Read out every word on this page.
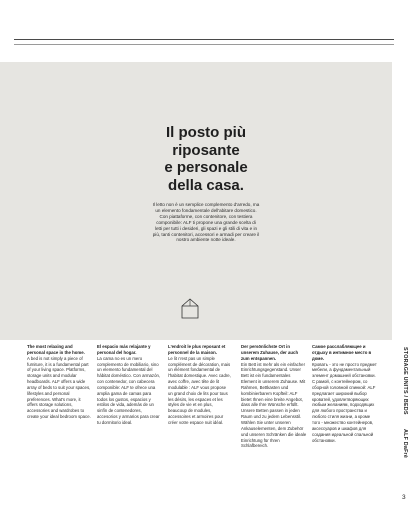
Il posto più
riposante
e personale
della casa.
Il letto non è un semplice complemento d'arredo, ma un elemento fondamentale dell'abitare domestico. Con piattaforme, con contenitore, con testiera componibile: ALF ti propone una grande scelta di letti per tutti i desideri, gli spazi e gli stili di vita e in più, tanti contenitori, accessori e armadi per creare il nostro ambiente notte ideale.

The most relaxing and personal space in the home.

A bed is not simply a piece of furniture, it is a fundamental part of your living space. Platforms, storage units and modular headboards. ALF offers a wide array of beds to suit your spaces, lifestyles and personal preferences. What's more, it offers storage solutions, accessories and wardrobes to create your ideal bedroom space.

El espacio más relajante y personal del hogar.

La cama no es un mero complemento de mobiliario, sino un elemento fundamental del hábitat doméstico. Con armazón, con contenedor, con cabecera componible: ALF te ofrece una amplia gama de camas para todos los gustos, espacios y estilos de vida, además de un sinfín de contenedores, accesorios y armarios para crear tu dormitorio ideal.

L'endroit le plus reposant et personnel de la maison.

Le lit n'est pas un simple complément de décoration, mais un élément fondamental de l'habitat domestique. Avec cadre, avec coffre, avec tête de lit modulable : ALF vous propose un grand choix de lits pour tous les désirs, les espaces et les styles de vie et en plus, beaucoup de modules, accessoires et armoires pour créer votre espace nuit idéal.

Der persönlichste Ort in unserem Zuhause, der auch zum entspannen.

Ein Bett ist mehr als ein einfacher Einrichtungsgegenstand. Unser Bett ist ein fundamentales Element in unserem Zuhause. Mit Rahmen, Bettkasten und kombinierbarem Kopfteil: ALF bietet Ihnen eine breite Angebot, dass alle Ihre Wünsche erfüllt. Unsere Betten passen in jeden Raum und zu jedem Lebensstil. Wählen Sie unter unseren Ankauselementen, dem Zubehör und unseren Schränken die ideale Einrichtung für Ihren Schlafbereich.

Самое расслабляющее и отдыху в интимное место в доме.

Кровать - это не просто предмет мебели, а фундаментальный элемент домашней обстановки. С рамой, с контейнером, со сборной головной спинкой: ALF предлагает широкий выбор кроватей, удовлетворяющих любым желаниям, подходящих для любого пространства и любого стиля жизни, а кроме того - множество контейнеров, аксессуаров и шкафов для создания идеальной спальной обстановки.

STORAGE UNITS / BEDS
ALF DaFrè
3
